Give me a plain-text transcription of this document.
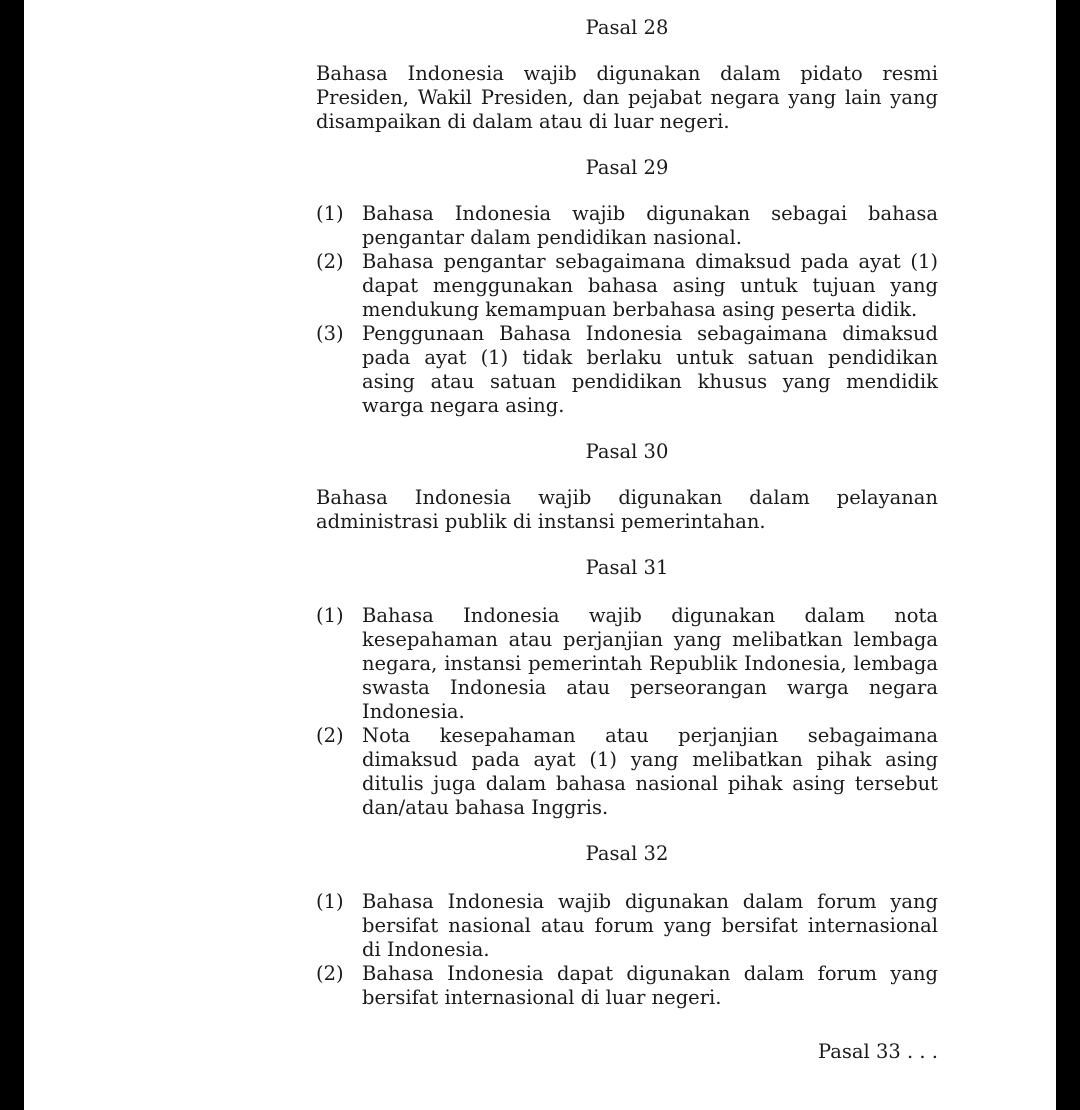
Pasal 28

Bahasa Indonesia wajib digunakan dalam pidato resmi Presiden, Wakil Presiden, dan pejabat negara yang lain yang disampaikan di dalam atau di luar negeri.

Pasal 29

(1) Bahasa Indonesia wajib digunakan sebagai bahasa pengantar dalam pendidikan nasional.
(2) Bahasa pengantar sebagaimana dimaksud pada ayat (1) dapat menggunakan bahasa asing untuk tujuan yang mendukung kemampuan berbahasa asing peserta didik.
(3) Penggunaan Bahasa Indonesia sebagaimana dimaksud pada ayat (1) tidak berlaku untuk satuan pendidikan asing atau satuan pendidikan khusus yang mendidik warga negara asing.

Pasal 30

Bahasa Indonesia wajib digunakan dalam pelayanan administrasi publik di instansi pemerintahan.

Pasal 31

(1) Bahasa Indonesia wajib digunakan dalam nota kesepahaman atau perjanjian yang melibatkan lembaga negara, instansi pemerintah Republik Indonesia, lembaga swasta Indonesia atau perseorangan warga negara Indonesia.
(2) Nota kesepahaman atau perjanjian sebagaimana dimaksud pada ayat (1) yang melibatkan pihak asing ditulis juga dalam bahasa nasional pihak asing tersebut dan/atau bahasa Inggris.

Pasal 32

(1) Bahasa Indonesia wajib digunakan dalam forum yang bersifat nasional atau forum yang bersifat internasional di Indonesia.
(2) Bahasa Indonesia dapat digunakan dalam forum yang bersifat internasional di luar negeri.

Pasal 33 . . .
